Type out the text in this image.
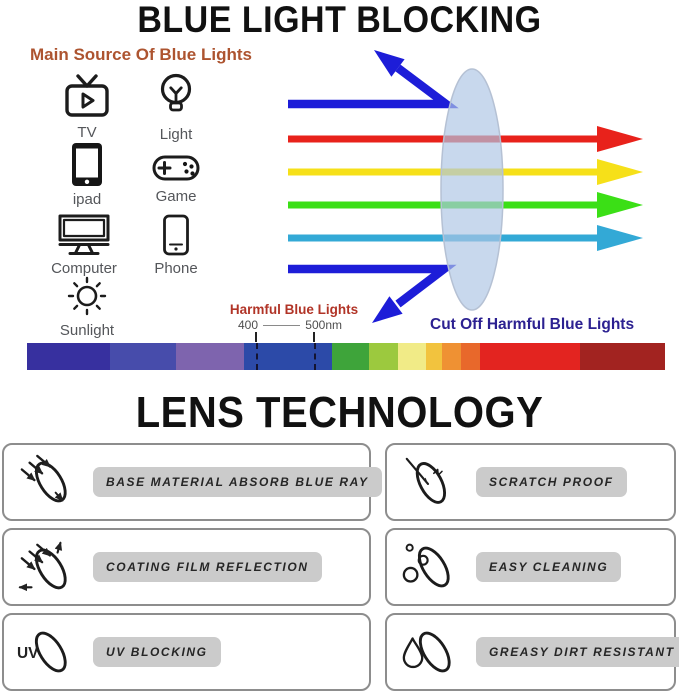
BLUE LIGHT BLOCKING
Main Source Of Blue Lights
TV	Light
ipad	Game
Computer Phone
Sunlight
Harmful Blue Lights
400	500nm	Cut Off Harmful Blue Lights
LENS TECHNOLOGY
BASE MATERIAL ABSORB BLUE RAY	SCRATCH PROOF
COATING FILM REFLECTION	EASY CLEANING
UV	UV BLOCKING	GREASY DIRT RESISTANT
